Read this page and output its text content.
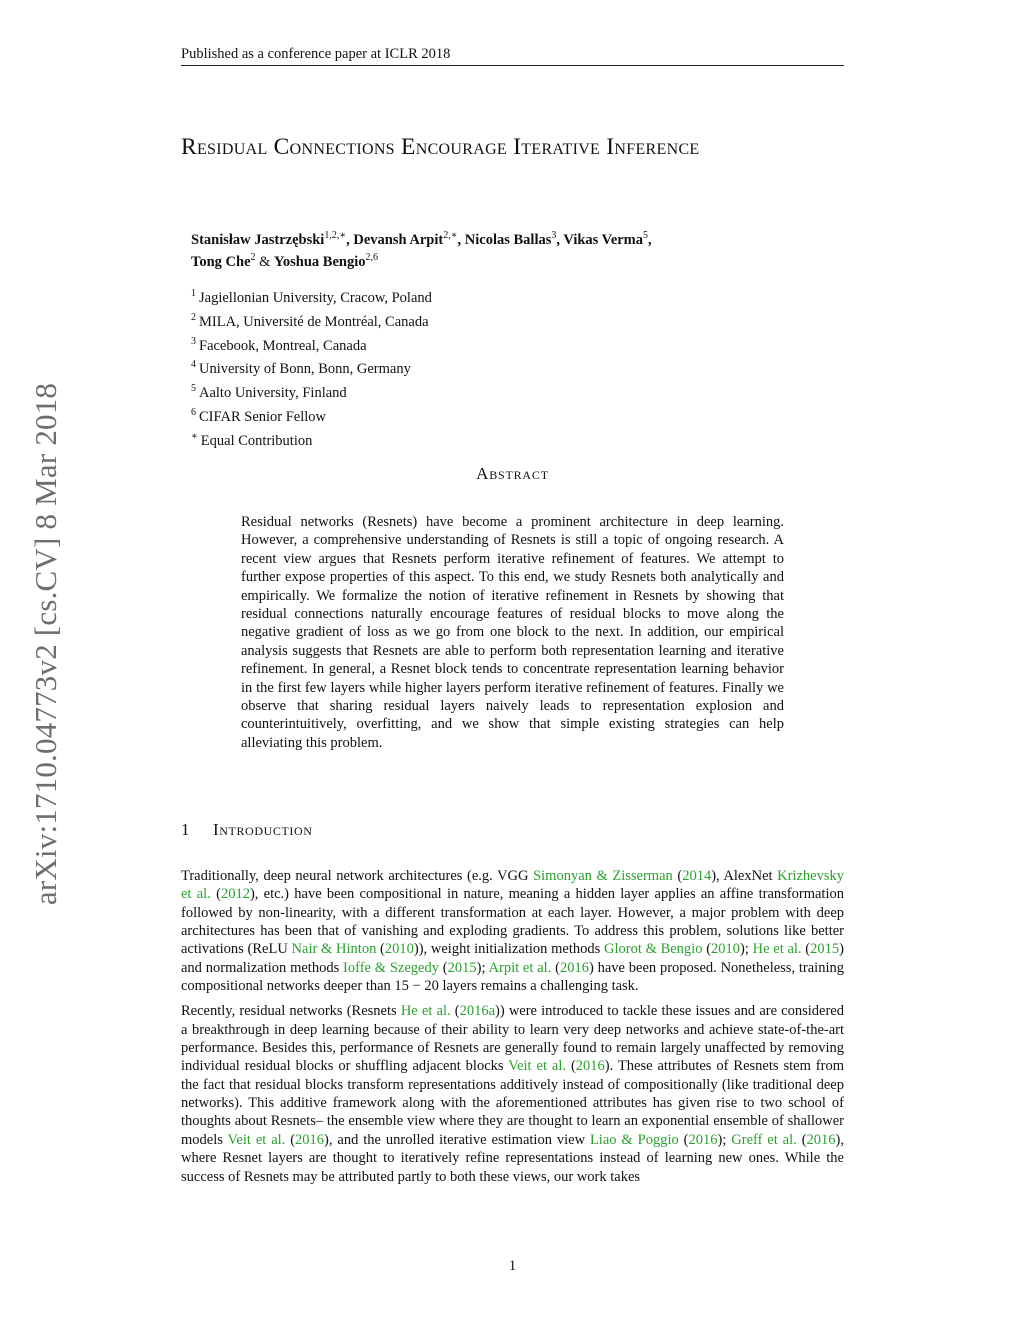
Published as a conference paper at ICLR 2018
arXiv:1710.04773v2 [cs.CV] 8 Mar 2018
Residual Connections Encourage Iterative Inference
Stanisław Jastrzębski$^{1,2,∗}$, Devansh Arpit$^{2,∗}$, Nicolas Ballas$^3$, Vikas Verma$^5$,
Tong Che$^2$ & Yoshua Bengio$^{2,6}$
$^1$ Jagiellonian University, Cracow, Poland
$^2$ MILA, Université de Montréal, Canada
$^3$ Facebook, Montreal, Canada
$^4$ University of Bonn, Bonn, Germany
$^5$ Aalto University, Finland
$^6$ CIFAR Senior Fellow
∗ Equal Contribution
Abstract
Residual networks (Resnets) have become a prominent architecture in deep learning. However, a comprehensive understanding of Resnets is still a topic of ongoing research. A recent view argues that Resnets perform iterative refinement of features. We attempt to further expose properties of this aspect. To this end, we study Resnets both analytically and empirically. We formalize the notion of iterative refinement in Resnets by showing that residual connections naturally encourage features of residual blocks to move along the negative gradient of loss as we go from one block to the next. In addition, our empirical analysis suggests that Resnets are able to perform both representation learning and iterative refinement. In general, a Resnet block tends to concentrate representation learning behavior in the first few layers while higher layers perform iterative refinement of features. Finally we observe that sharing residual layers naively leads to representation explosion and counterintuitively, overfitting, and we show that simple existing strategies can help alleviating this problem.
1 Introduction

Traditionally, deep neural network architectures (e.g. VGG Simonyan & Zisserman (2014), AlexNet Krizhevsky et al. (2012), etc.) have been compositional in nature, meaning a hidden layer applies an affine transformation followed by non-linearity, with a different transformation at each layer. However, a major problem with deep architectures has been that of vanishing and exploding gradients. To address this problem, solutions like better activations (ReLU Nair & Hinton (2010)), weight initialization methods Glorot & Bengio (2010); He et al. (2015) and normalization methods Ioffe & Szegedy (2015); Arpit et al. (2016) have been proposed. Nonetheless, training compositional networks deeper than 15 − 20 layers remains a challenging task.

Recently, residual networks (Resnets He et al. (2016a)) were introduced to tackle these issues and are considered a breakthrough in deep learning because of their ability to learn very deep networks and achieve state-of-the-art performance. Besides this, performance of Resnets are generally found to remain largely unaffected by removing individual residual blocks or shuffling adjacent blocks Veit et al. (2016). These attributes of Resnets stem from the fact that residual blocks transform representations additively instead of compositionally (like traditional deep networks). This additive framework along with the aforementioned attributes has given rise to two school of thoughts about Resnets– the ensemble view where they are thought to learn an exponential ensemble of shallower models Veit et al. (2016), and the unrolled iterative estimation view Liao & Poggio (2016); Greff et al. (2016), where Resnet layers are thought to iteratively refine representations instead of learning new ones. While the success of Resnets may be attributed partly to both these views, our work takes

1
